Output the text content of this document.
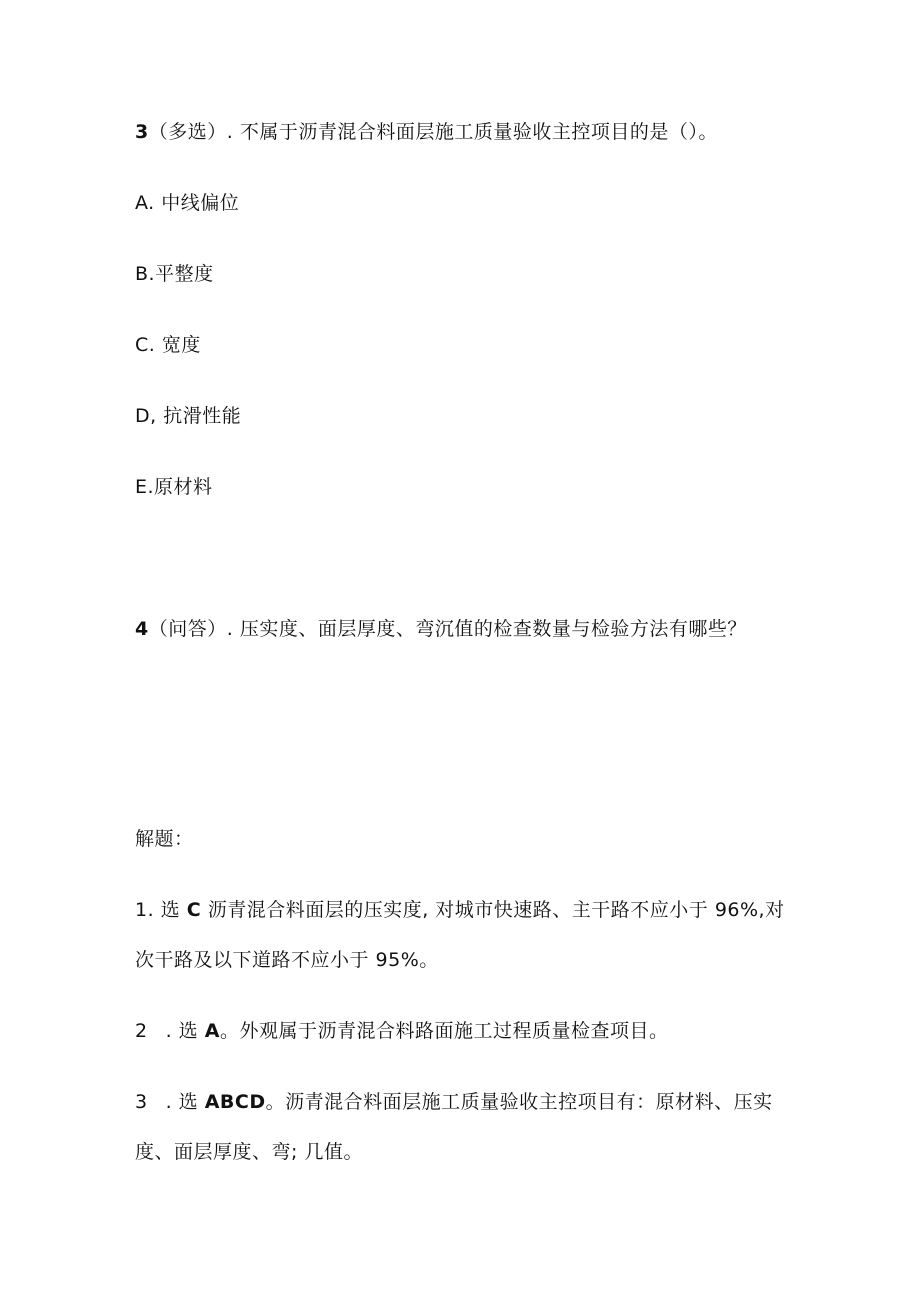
3（多选）. 不属于沥青混合料面层施工质量验收主控项目的是（）。
A. 中线偏位
B.平整度
C. 宽度
D, 抗滑性能
E.原材料
4（问答）. 压实度、面层厚度、弯沉值的检查数量与检验方法有哪些？
解题：
1. 选 C 沥青混合料面层的压实度, 对城市快速路、主干路不应小于 96%,对
次干路及以下道路不应小于 95%。
2 . 选 A。外观属于沥青混合料路面施工过程质量检查项目。
3 . 选 ABCD。沥青混合料面层施工质量验收主控项目有：原材料、压实
度、面层厚度、弯; 几值。
